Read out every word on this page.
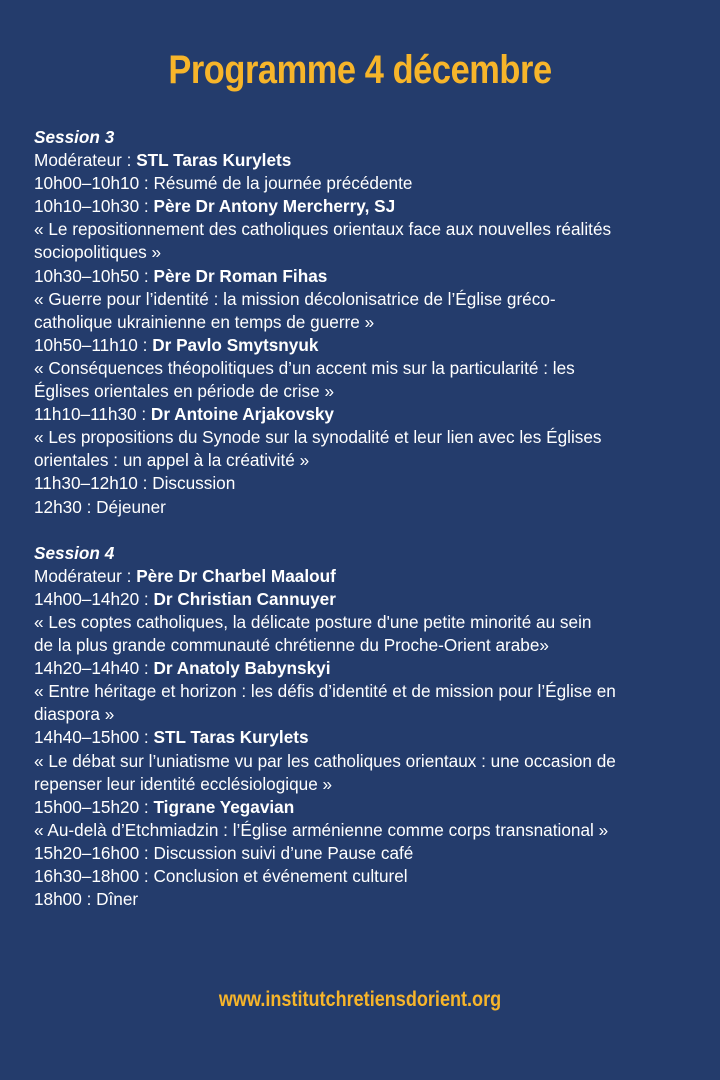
Programme 4 décembre
Session 3
Modérateur : STL Taras Kurylets
10h00–10h10 : Résumé de la journée précédente
10h10–10h30 : Père Dr Antony Mercherry, SJ
« Le repositionnement des catholiques orientaux face aux nouvelles réalités
sociopolitiques »
10h30–10h50 : Père Dr Roman Fihas
« Guerre pour l’identité : la mission décolonisatrice de l’Église gréco-
catholique ukrainienne en temps de guerre »
10h50–11h10 : Dr Pavlo Smytsnyuk
« Conséquences théopolitiques d’un accent mis sur la particularité : les
Églises orientales en période de crise »
11h10–11h30 : Dr Antoine Arjakovsky
« Les propositions du Synode sur la synodalité et leur lien avec les Églises
orientales : un appel à la créativité »
11h30–12h10 : Discussion
12h30 : Déjeuner
Session 4
Modérateur : Père Dr Charbel Maalouf
14h00–14h20 : Dr Christian Cannuyer
« Les coptes catholiques, la délicate posture d'une petite minorité au sein
de la plus grande communauté chrétienne du Proche-Orient arabe»
14h20–14h40 : Dr Anatoly Babynskyi
« Entre héritage et horizon : les défis d’identité et de mission pour l’Église en
diaspora »
14h40–15h00 : STL Taras Kurylets
« Le débat sur l’uniatisme vu par les catholiques orientaux : une occasion de
repenser leur identité ecclésiologique »
15h00–15h20 : Tigrane Yegavian
« Au-delà d’Etchmiadzin : l’Église arménienne comme corps transnational »
15h20–16h00 : Discussion suivi d’une Pause café
16h30–18h00 : Conclusion et événement culturel
18h00 : Dîner
www.institutchretiensdorient.org
